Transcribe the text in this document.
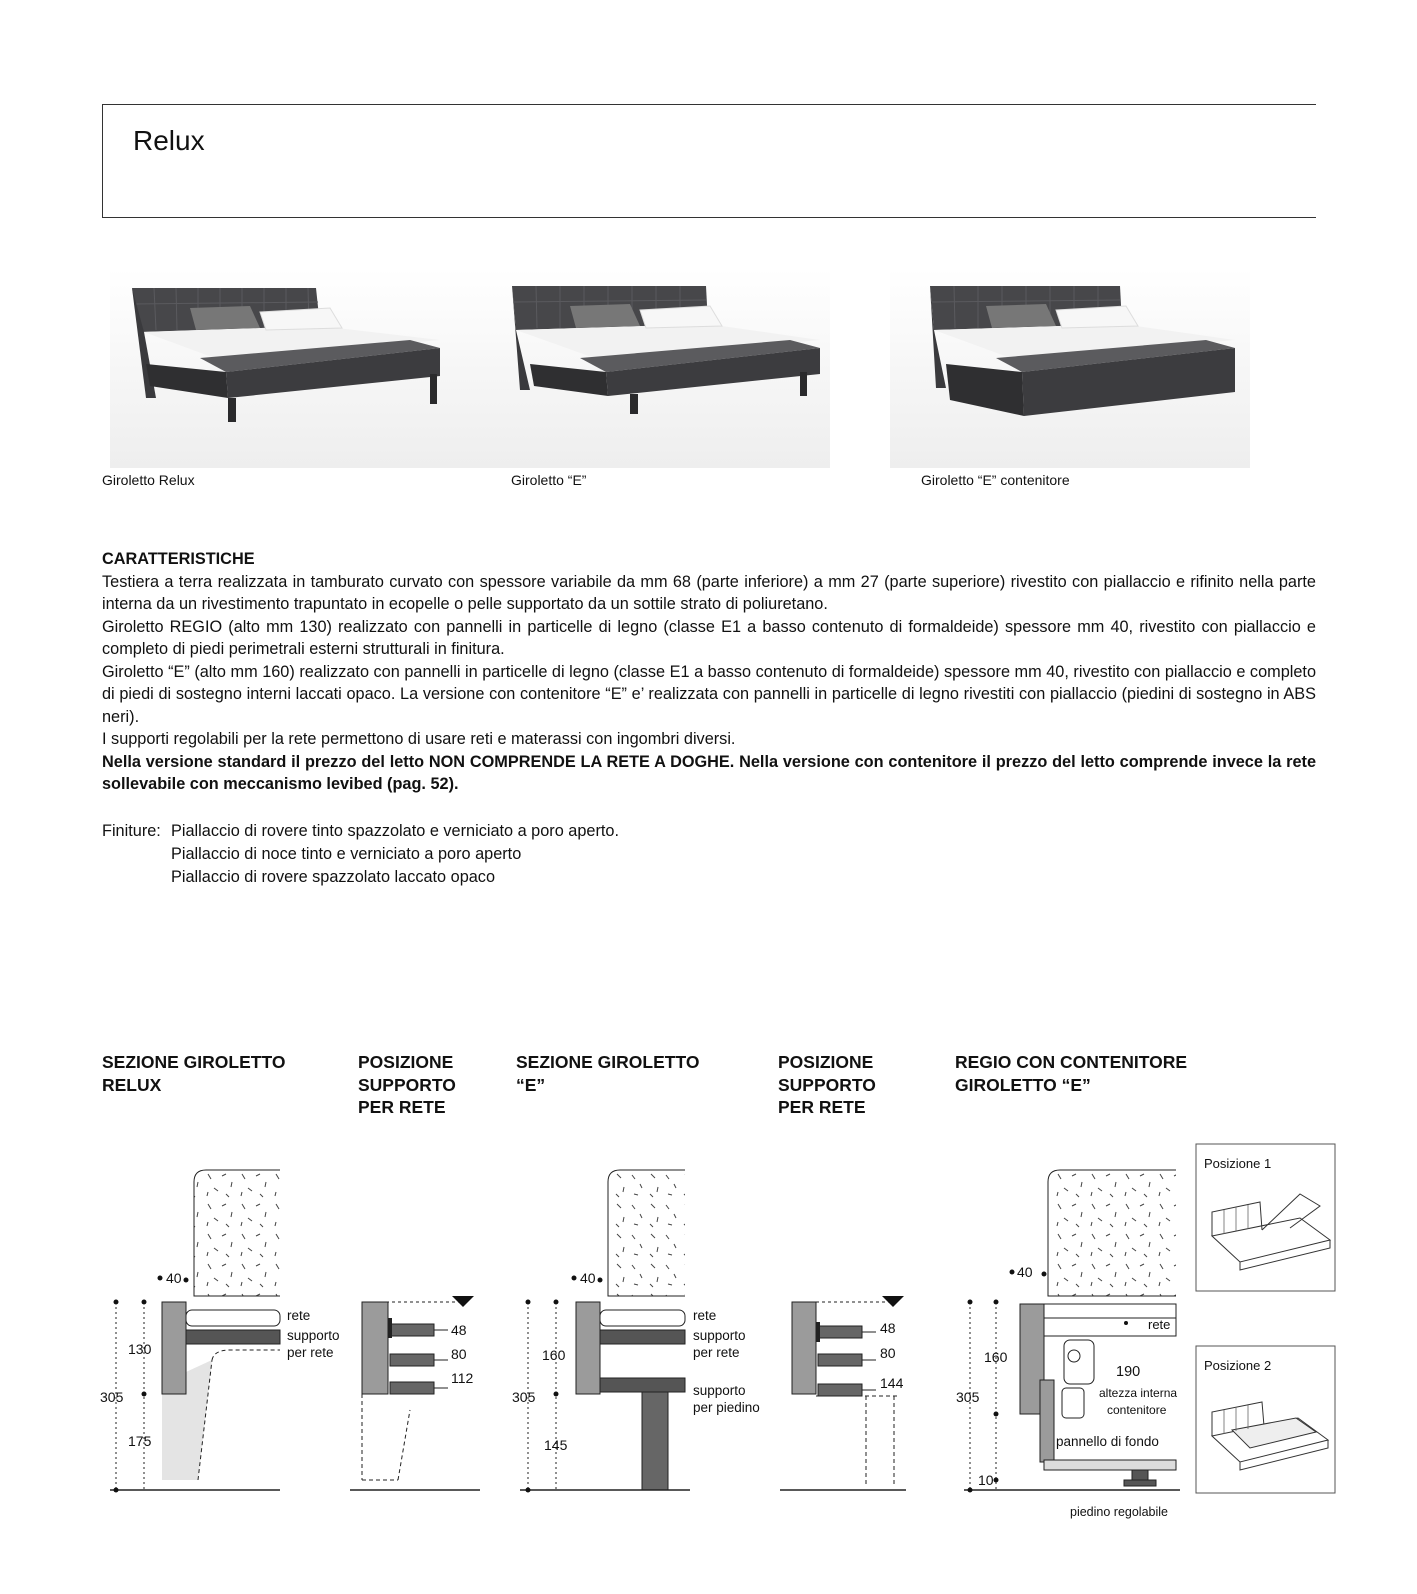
Relux
Giroletto Relux	Giroletto “E”	Giroletto “E” contenitore

CARATTERISTICHE

Testiera a terra realizzata in tamburato curvato con spessore variabile da mm 68 (parte inferiore) a mm 27 (parte superiore) rivestito con piallaccio e rifinito nella parte interna da un rivestimento trapuntato in ecopelle o pelle supportato da un sottile strato di poliuretano.

Giroletto REGIO (alto mm 130) realizzato con pannelli in particelle di legno (classe E1 a basso contenuto di formaldeide) spessore mm 40, rivestito con piallaccio e completo di piedi perimetrali esterni strutturali in finitura.

Giroletto “E” (alto mm 160) realizzato con pannelli in particelle di legno (classe E1 a basso contenuto di formaldeide) spessore mm 40, rivestito con piallaccio e completo di piedi di sostegno interni laccati opaco. La versione con contenitore “E” e’ realizzata con pannelli in particelle di legno rivestiti con piallaccio (piedini di sostegno in ABS neri).

I supporti regolabili per la rete permettono di usare reti e materassi con ingombri diversi.

Nella versione standard il prezzo del letto NON COMPRENDE LA RETE A DOGHE. Nella versione con contenitore il prezzo del letto comprende invece la rete sollevabile con meccanismo levibed (pag. 52).

Finiture: Piallaccio di rovere tinto spazzolato e verniciato a poro aperto.
Piallaccio di noce tinto e verniciato a poro aperto
Piallaccio di rovere spazzolato laccato opaco
SEZIONE GIROLETTO
RELUX
POSIZIONE
SUPPORTO
PER RETE
SEZIONE GIROLETTO
“E”
POSIZIONE
SUPPORTO
PER RETE
REGIO CON CONTENITORE
GIROLETTO “E”
40
130
305
175
rete
supporto
per rete
48
80
112
40
160
305
145
rete
supporto
per rete
supporto
per piedino
48
80
144
40
160
305
10
rete
190
altezza interna
contenitore
pannello di fondo
piedino regolabile
Posizione 1
Posizione 2
